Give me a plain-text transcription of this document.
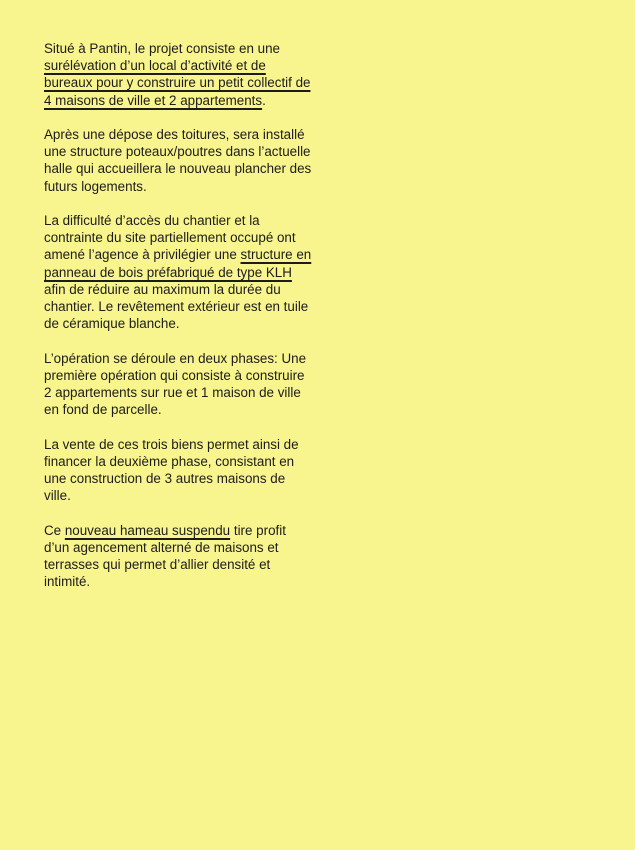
Situé à Pantin, le projet consiste en une surélévation d’un local d’activité et de bureaux pour y construire un petit collectif de 4 maisons de ville et 2 appartements.

Après une dépose des toitures, sera installé une structure poteaux/poutres dans l’actuelle halle qui accueillera le nouveau plancher des futurs logements.

La difficulté d’accès du chantier et la contrainte du site partiellement occupé ont amené l’agence à privilégier une structure en panneau de bois préfabriqué de type KLH afin de réduire au maximum la durée du chantier. Le revêtement extérieur est en tuile de céramique blanche.

L’opération se déroule en deux phases: Une première opération qui consiste à construire 2 appartements sur rue et 1 maison de ville en fond de parcelle.

La vente de ces trois biens permet ainsi de financer la deuxième phase, consistant en une construction de 3 autres maisons de ville.

Ce nouveau hameau suspendu tire profit d’un agencement alterné de maisons et terrasses qui permet d’allier densité et intimité.
